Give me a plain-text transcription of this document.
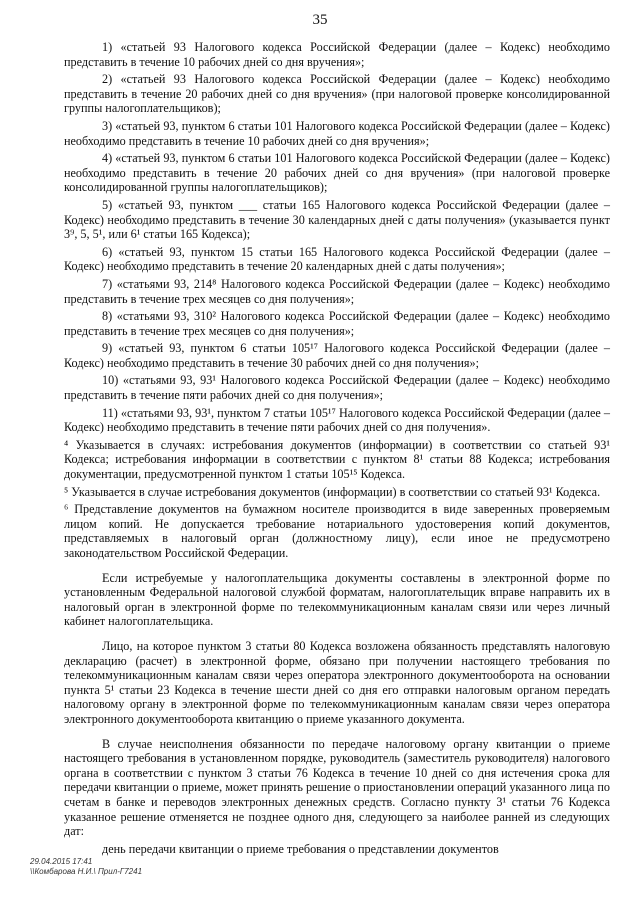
35

1) «статьей 93 Налогового кодекса Российской Федерации (далее – Кодекс) необходимо представить в течение 10 рабочих дней со дня вручения»;

2) «статьей 93 Налогового кодекса Российской Федерации (далее – Кодекс) необходимо представить в течение 20 рабочих дней со дня вручения» (при налоговой проверке консолидированной группы налогоплательщиков);

3) «статьей 93, пунктом 6 статьи 101 Налогового кодекса Российской Федерации (далее – Кодекс) необходимо представить в течение 10 рабочих дней со дня вручения»;

4) «статьей 93, пунктом 6 статьи 101 Налогового кодекса Российской Федерации (далее – Кодекс) необходимо представить в течение 20 рабочих дней со дня вручения» (при налоговой проверке консолидированной группы налогоплательщиков);

5) «статьей 93, пунктом ___ статьи 165 Налогового кодекса Российской Федерации (далее – Кодекс) необходимо представить в течение 30 календарных дней с даты получения» (указывается пункт 3⁹, 5, 5¹, или 6¹ статьи 165 Кодекса);

6) «статьей 93, пунктом 15 статьи 165 Налогового кодекса Российской Федерации (далее – Кодекс) необходимо представить в течение 20 календарных дней с даты получения»;

7) «статьями 93, 214⁸ Налогового кодекса Российской Федерации (далее – Кодекс) необходимо представить в течение трех месяцев со дня получения»;

8) «статьями 93, 310² Налогового кодекса Российской Федерации (далее – Кодекс) необходимо представить в течение трех месяцев со дня получения»;

9) «статьей 93, пунктом 6 статьи 105¹⁷ Налогового кодекса Российской Федерации (далее – Кодекс) необходимо представить в течение 30 рабочих дней со дня получения»;

10) «статьями 93, 93¹ Налогового кодекса Российской Федерации (далее – Кодекс) необходимо представить в течение пяти рабочих дней со дня получения»;

11) «статьями 93, 93¹, пунктом 7 статьи 105¹⁷ Налогового кодекса Российской Федерации (далее – Кодекс) необходимо представить в течение пяти рабочих дней со дня получения».

⁴ Указывается в случаях: истребования документов (информации) в соответствии со статьей 93¹ Кодекса; истребования информации в соответствии с пунктом 8¹ статьи 88 Кодекса; истребования документации, предусмотренной пунктом 1 статьи 105¹⁵ Кодекса.

⁵ Указывается в случае истребования документов (информации) в соответствии со статьей 93¹ Кодекса.

⁶ Представление документов на бумажном носителе производится в виде заверенных проверяемым лицом копий. Не допускается требование нотариального удостоверения копий документов, представляемых в налоговый орган (должностному лицу), если иное не предусмотрено законодательством Российской Федерации.

Если истребуемые у налогоплательщика документы составлены в электронной форме по установленным Федеральной налоговой службой форматам, налогоплательщик вправе направить их в налоговый орган в электронной форме по телекоммуникационным каналам связи или через личный кабинет налогоплательщика.

Лицо, на которое пунктом 3 статьи 80 Кодекса возложена обязанность представлять налоговую декларацию (расчет) в электронной форме, обязано при получении настоящего требования по телекоммуникационным каналам связи через оператора электронного документооборота на основании пункта 5¹ статьи 23 Кодекса в течение шести дней со дня его отправки налоговым органом передать налоговому органу в электронной форме по телекоммуникационным каналам связи через оператора электронного документооборота квитанцию о приеме указанного документа.

В случае неисполнения обязанности по передаче налоговому органу квитанции о приеме настоящего требования в установленном порядке, руководитель (заместитель руководителя) налогового органа в соответствии с пунктом 3 статьи 76 Кодекса в течение 10 дней со дня истечения срока для передачи квитанции о приеме, может принять решение о приостановлении операций указанного лица по счетам в банке и переводов электронных денежных средств. Согласно пункту 3¹ статьи 76 Кодекса указанное решение отменяется не позднее одного дня, следующего за наиболее ранней из следующих дат:

день передачи квитанции о приеме требования о представлении документов

29.04.2015 17:41
\\Комбарова Н.И.\ Прил-Г7241
